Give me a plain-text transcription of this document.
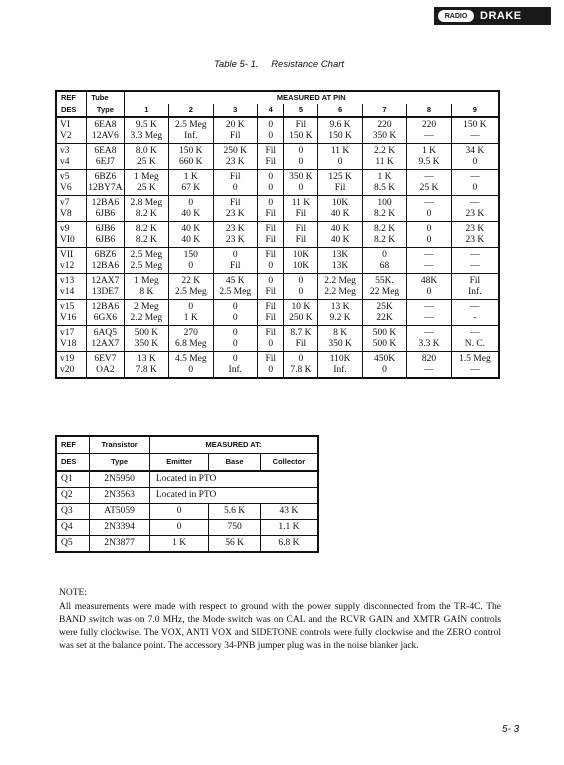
RADIO	DRAKE
Table 5- 1. Resistance Chart
REF	Tube	MEASURED AT PIN								
DES	Type	1	2	3	4	5	6	7	8	9
VI	6EA8	9.5 K	2.5 Meg	20 K	0	Fil	9.6 K	220	220	150 K
V2	12AV6	3.3 Meg	Inf.	Fil	0	150 K	150 K	350 K	—	—
v3	6EA8	8.0 K	150 K	250 K	Fil	0	11 K	2.2 K	1 K	34 K
v4	6EJ7	25 K	660 K	23 K	Fil	0	0	11 K	9.5 K	0
v5	6BZ6	1 Meg	1 K	Fil	0	350 K	125 K	1 K	—	—
V6	12BY7A	25 K	67 K	0	0	0	Fil	8.5 K	25 K	0
v7	12BA6	2.8 Meg	0	Fil	0	11 K	10K	100	—	—
V8	6JB6	8.2 K	40 K	23 K	Fil	Fil	40 K	8.2 K	0	23 K
v9	6JB6	8.2 K	40 K	23 K	Fil	Fil	40 K	8.2 K	0	23 K
VI0	6JB6	8.2 K	40 K	23 K	Fil	Fil	40 K	8.2 K	0	23 K
VII	6BZ6	2.5 Meg	150	0	Fil	10K	13K	0	—	—
v12	12BA6	2.5 Meg	0	Fil	0	10K	13K	68	—	—
v13	12AX7	1 Meg	22 K	45 K	0	0	2.2 Meg	55K.	48K	Fil
v14	13DE7	8 K	2.5 Meg	2.5 Meg	Fil	0	2.2 Meg	22 Meg	0	Inf.
v15	12BA6	2 Meg	0	0	Fil	10 K	13 K	25K	—	—
V16	6GX6	2.2 Meg	1 K	0	Fil	250 K	9.2 K	22K	—	-
v17	6AQ5	500 K	270	0	Fil	8.7 K	8 K	500 K	—	—
V18	12AX7	350 K	6.8 Meg	0	0	Fil	350 K	500 K	3.3 K	N. C.
v19	6EV7	13 K	4.5 Meg	0	Fil	0	110K	450K	820	1.5 Meg
v20	OA2	7.8 K	0	Inf.	0	7.8 K	Inf.	0	—	—
REF	Transistor	MEASURED AT:		
DES	Type	Emitter	Base	Collector
Q1	2N5950	Located in PTO		
Q2	2N3563	Located in PTO		
Q3	AT5059	0	5.6 K	43 K
Q4	2N3394	0	750	1.1 K
Q5	2N3877	1 K	56 K	6.8 K
NOTE:
All measurements were made with respect to ground with the power supply disconnected from the TR-4C. The BAND switch was on 7.0 MHz, the Mode switch was on CAL and the RCVR GAIN and XMTR GAIN controls were fully clockwise. The VOX, ANTI VOX and SIDETONE controls were fully clockwise and the ZERO control was set at the balance point. The accessory 34-PNB jumper plug was in the noise blanker jack.
5- 3
